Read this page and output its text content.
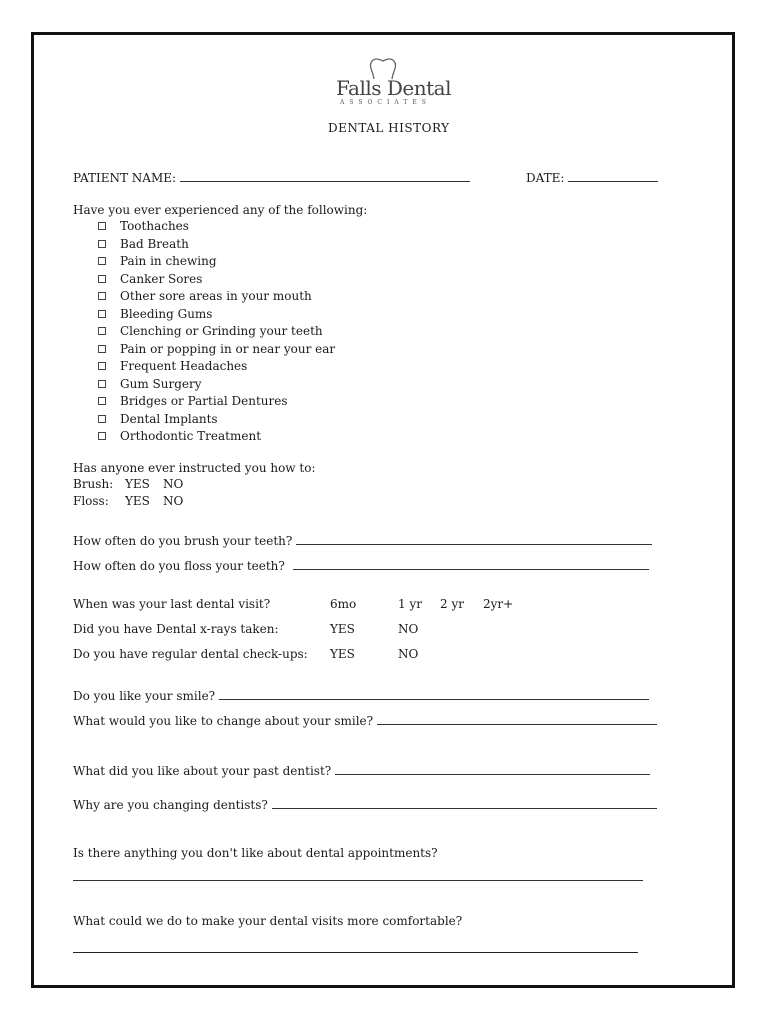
Falls Dental
ASSOCIATES
DENTAL HISTORY
PATIENT NAME:	DATE:
Have you ever experienced any of the following:
Toothaches
Bad Breath
Pain in chewing
Canker Sores
Other sore areas in your mouth
Bleeding Gums
Clenching or Grinding your teeth
Pain or popping in or near your ear
Frequent Headaches
Gum Surgery
Bridges or Partial Dentures
Dental Implants
Orthodontic Treatment
Has anyone ever instructed you how to:
Brush: YES NO
Floss: YES NO
How often do you brush your teeth?
How often do you floss your teeth?
When was your last dental visit?	6mo	1 yr 2 yr 2yr+
Did you have Dental x-rays taken:	YES	NO
Do you have regular dental check-ups: YES	NO
Do you like your smile?
What would you like to change about your smile?
What did you like about your past dentist?
Why are you changing dentists?
Is there anything you don't like about dental appointments?
What could we do to make your dental visits more comfortable?
